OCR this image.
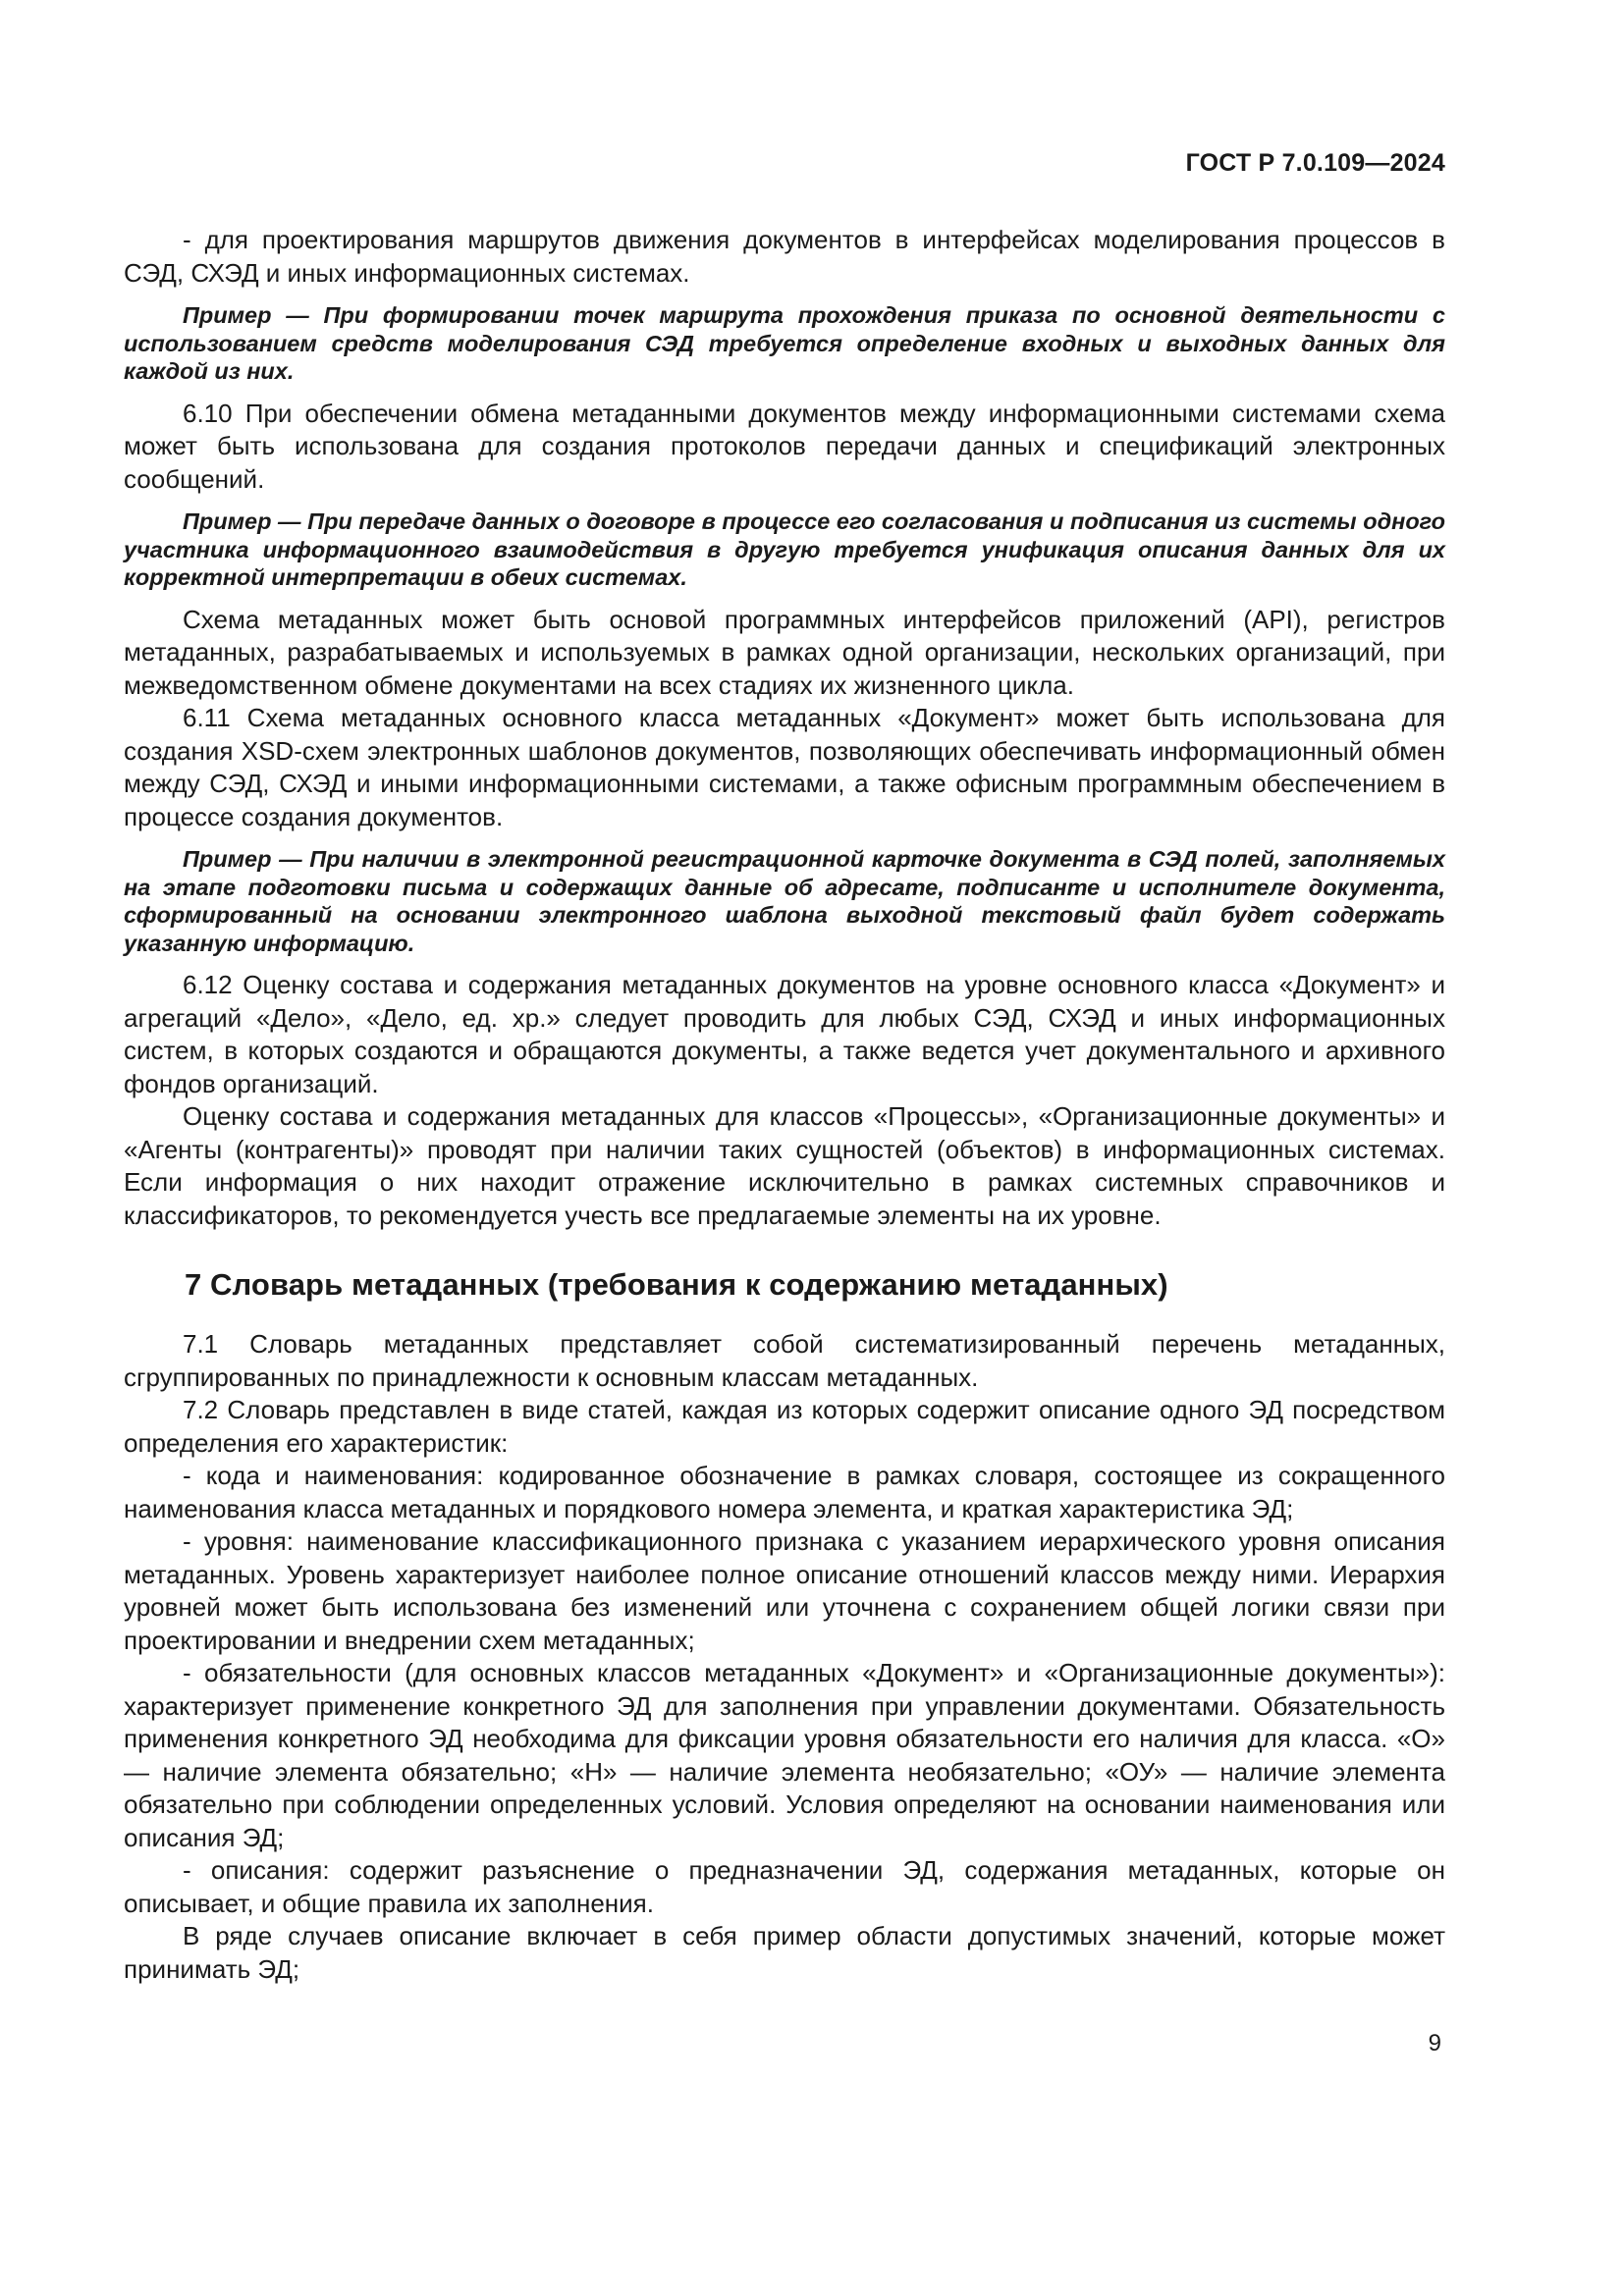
ГОСТ Р 7.0.109—2024

- для проектирования маршрутов движения документов в интерфейсах моделирования процессов в СЭД, СХЭД и иных информационных системах.

Пример — При формировании точек маршрута прохождения приказа по основной деятельности с использованием средств моделирования СЭД требуется определение входных и выходных данных для каждой из них.

6.10 При обеспечении обмена метаданными документов между информационными системами схема может быть использована для создания протоколов передачи данных и спецификаций электронных сообщений.

Пример — При передаче данных о договоре в процессе его согласования и подписания из системы одного участника информационного взаимодействия в другую требуется унификация описания данных для их корректной интерпретации в обеих системах.

Схема метаданных может быть основой программных интерфейсов приложений (API), регистров метаданных, разрабатываемых и используемых в рамках одной организации, нескольких организаций, при межведомственном обмене документами на всех стадиях их жизненного цикла.

6.11 Схема метаданных основного класса метаданных «Документ» может быть использована для создания XSD-схем электронных шаблонов документов, позволяющих обеспечивать информационный обмен между СЭД, СХЭД и иными информационными системами, а также офисным программным обеспечением в процессе создания документов.

Пример — При наличии в электронной регистрационной карточке документа в СЭД полей, заполняемых на этапе подготовки письма и содержащих данные об адресате, подписанте и исполнителе документа, сформированный на основании электронного шаблона выходной текстовый файл будет содержать указанную информацию.

6.12 Оценку состава и содержания метаданных документов на уровне основного класса «Документ» и агрегаций «Дело», «Дело, ед. хр.» следует проводить для любых СЭД, СХЭД и иных информационных систем, в которых создаются и обращаются документы, а также ведется учет документального и архивного фондов организаций.

Оценку состава и содержания метаданных для классов «Процессы», «Организационные документы» и «Агенты (контрагенты)» проводят при наличии таких сущностей (объектов) в информационных системах. Если информация о них находит отражение исключительно в рамках системных справочников и классификаторов, то рекомендуется учесть все предлагаемые элементы на их уровне.

7 Словарь метаданных (требования к содержанию метаданных)

7.1 Словарь метаданных представляет собой систематизированный перечень метаданных, сгруппированных по принадлежности к основным классам метаданных.

7.2 Словарь представлен в виде статей, каждая из которых содержит описание одного ЭД посредством определения его характеристик:

- кода и наименования: кодированное обозначение в рамках словаря, состоящее из сокращенного наименования класса метаданных и порядкового номера элемента, и краткая характеристика ЭД;

- уровня: наименование классификационного признака с указанием иерархического уровня описания метаданных. Уровень характеризует наиболее полное описание отношений классов между ними. Иерархия уровней может быть использована без изменений или уточнена с сохранением общей логики связи при проектировании и внедрении схем метаданных;

- обязательности (для основных классов метаданных «Документ» и «Организационные документы»): характеризует применение конкретного ЭД для заполнения при управлении документами. Обязательность применения конкретного ЭД необходима для фиксации уровня обязательности его наличия для класса. «О» — наличие элемента обязательно; «Н» — наличие элемента необязательно; «ОУ» — наличие элемента обязательно при соблюдении определенных условий. Условия определяют на основании наименования или описания ЭД;

- описания: содержит разъяснение о предназначении ЭД, содержания метаданных, которые он описывает, и общие правила их заполнения.

В ряде случаев описание включает в себя пример области допустимых значений, которые может принимать ЭД;

9
